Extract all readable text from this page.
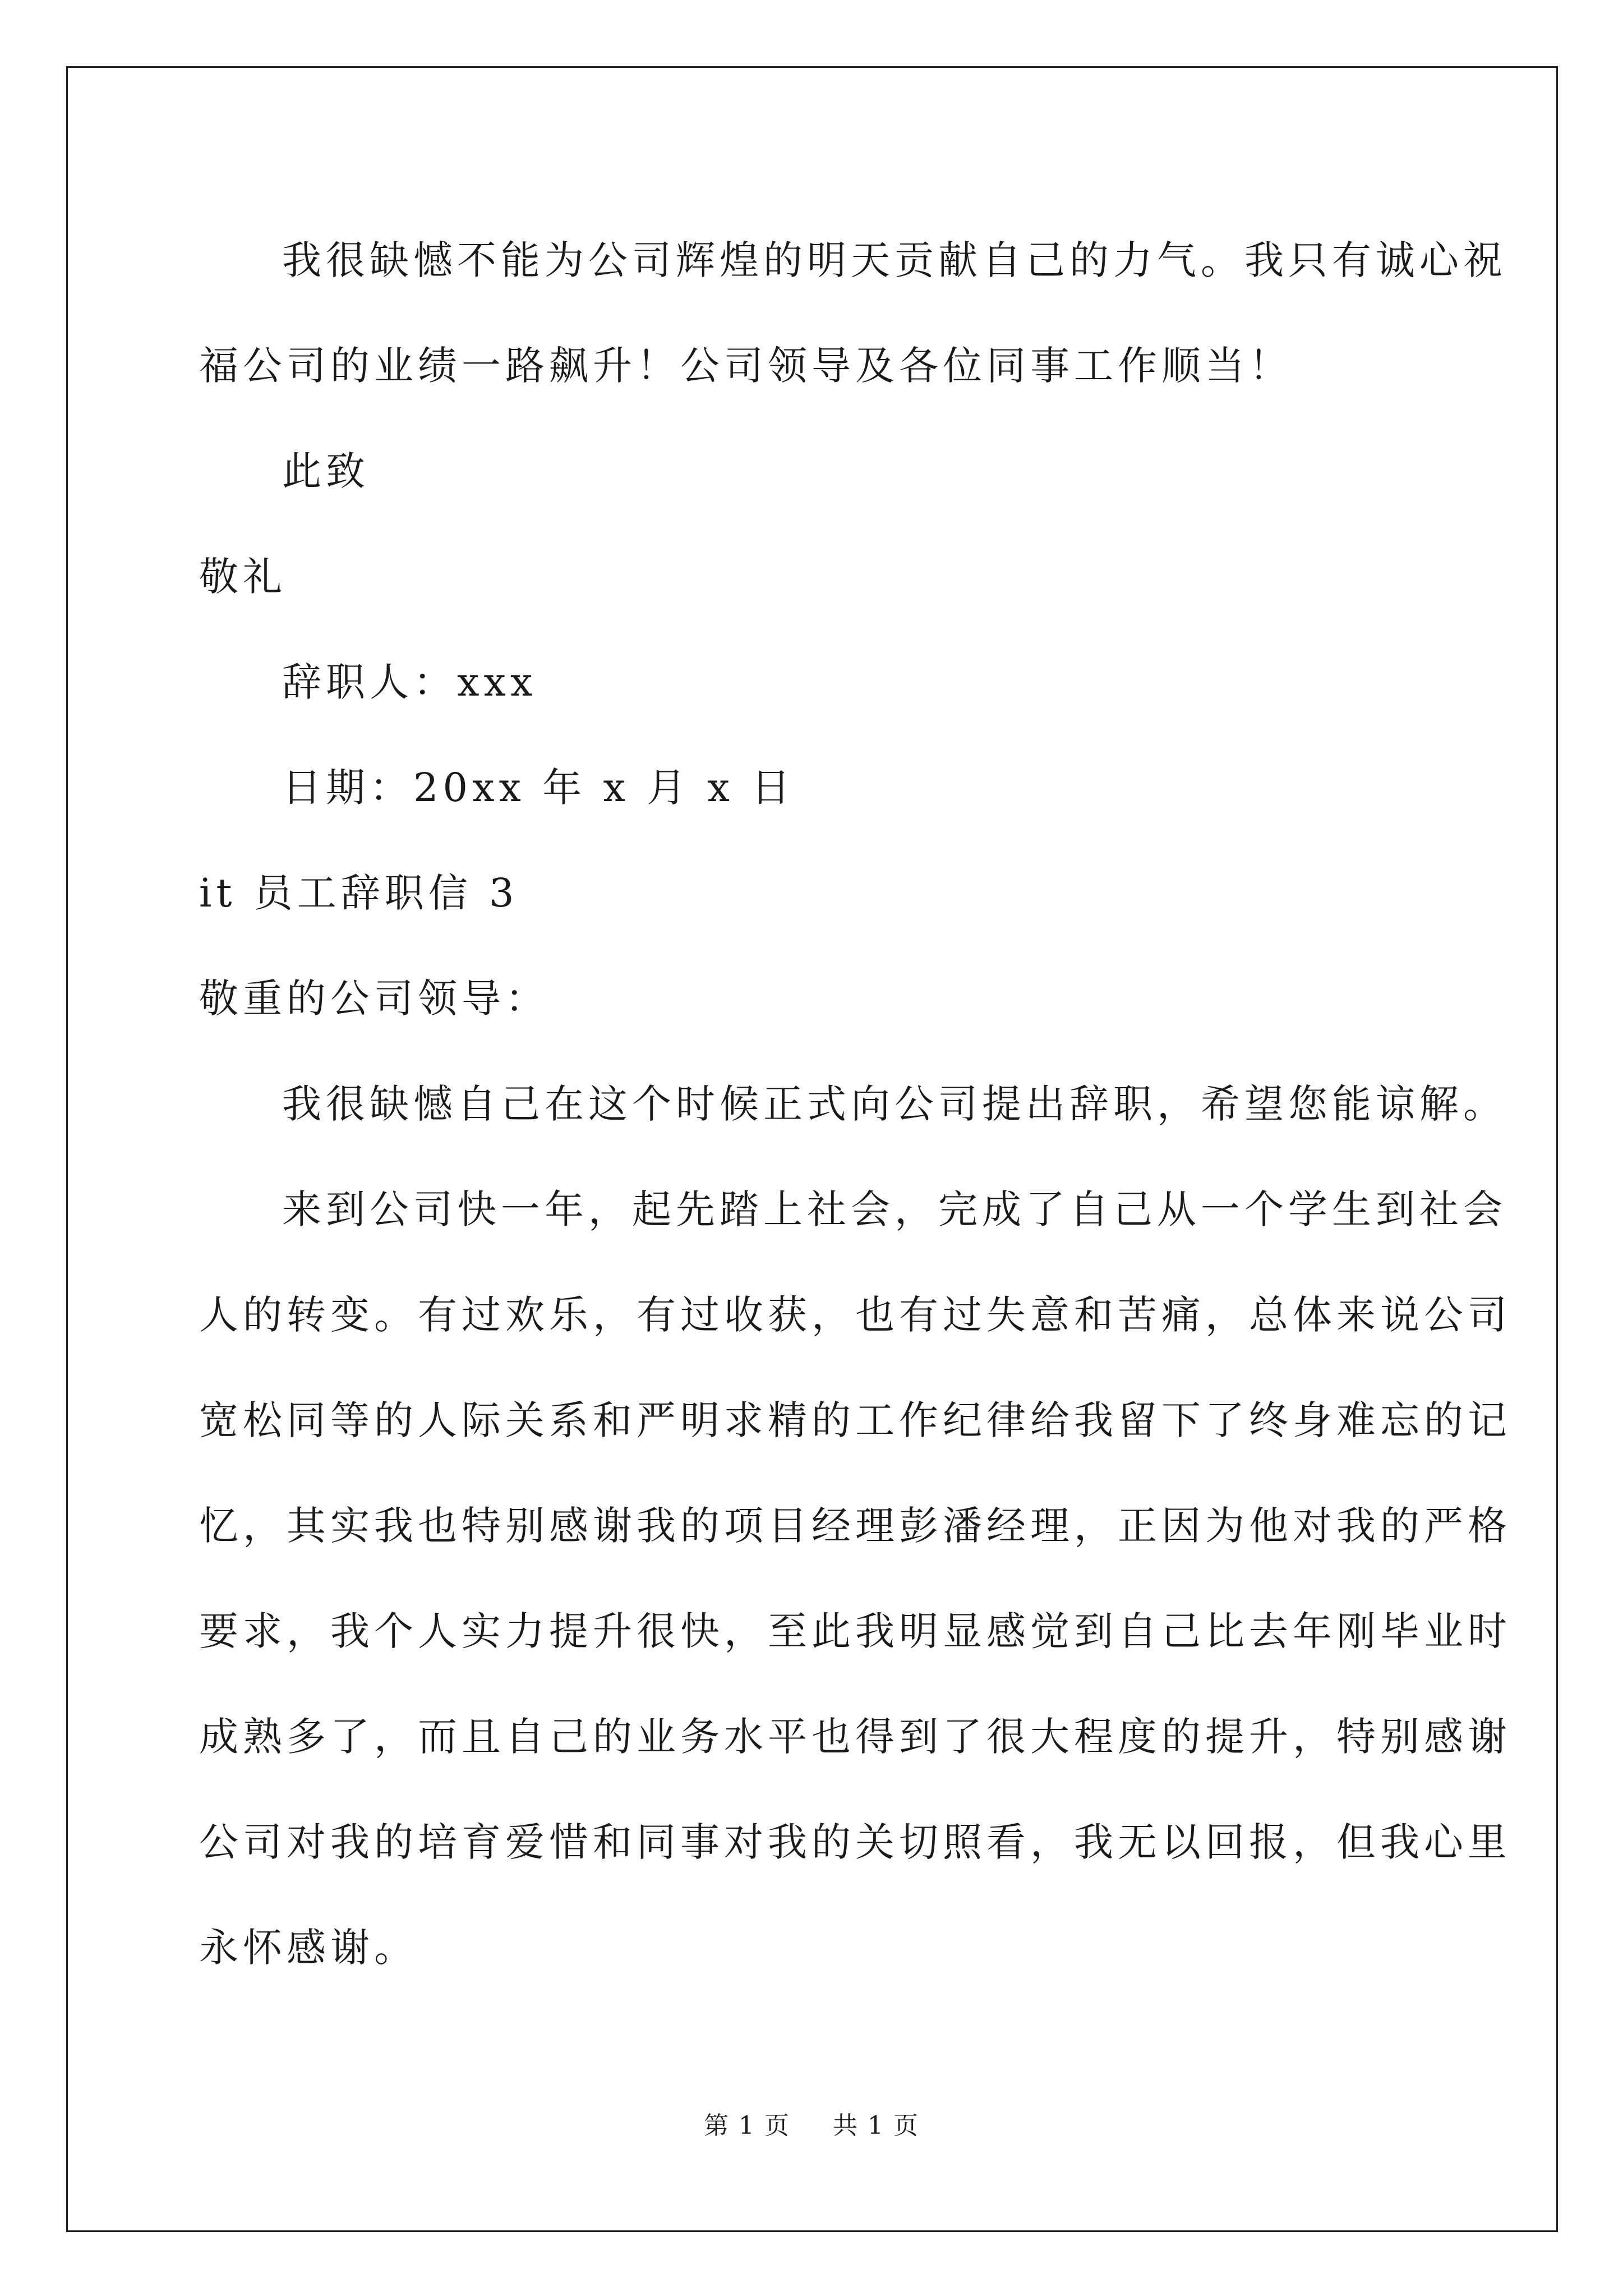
我很缺憾不能为公司辉煌的明天贡献自己的力气。我只有诚心祝
福公司的业绩一路飙升！公司领导及各位同事工作顺当！
此致
敬礼
辞职人：xxx
日期：20xx 年 x 月 x 日
it 员工辞职信 3
敬重的公司领导：
我很缺憾自己在这个时候正式向公司提出辞职，希望您能谅解。
来到公司快一年，起先踏上社会，完成了自己从一个学生到社会
人的转变。有过欢乐，有过收获，也有过失意和苦痛，总体来说公司
宽松同等的人际关系和严明求精的工作纪律给我留下了终身难忘的记
忆，其实我也特别感谢我的项目经理彭潘经理，正因为他对我的严格
要求，我个人实力提升很快，至此我明显感觉到自己比去年刚毕业时
成熟多了，而且自己的业务水平也得到了很大程度的提升，特别感谢
公司对我的培育爱惜和同事对我的关切照看，我无以回报，但我心里
永怀感谢。
第 1 页 共 1 页
